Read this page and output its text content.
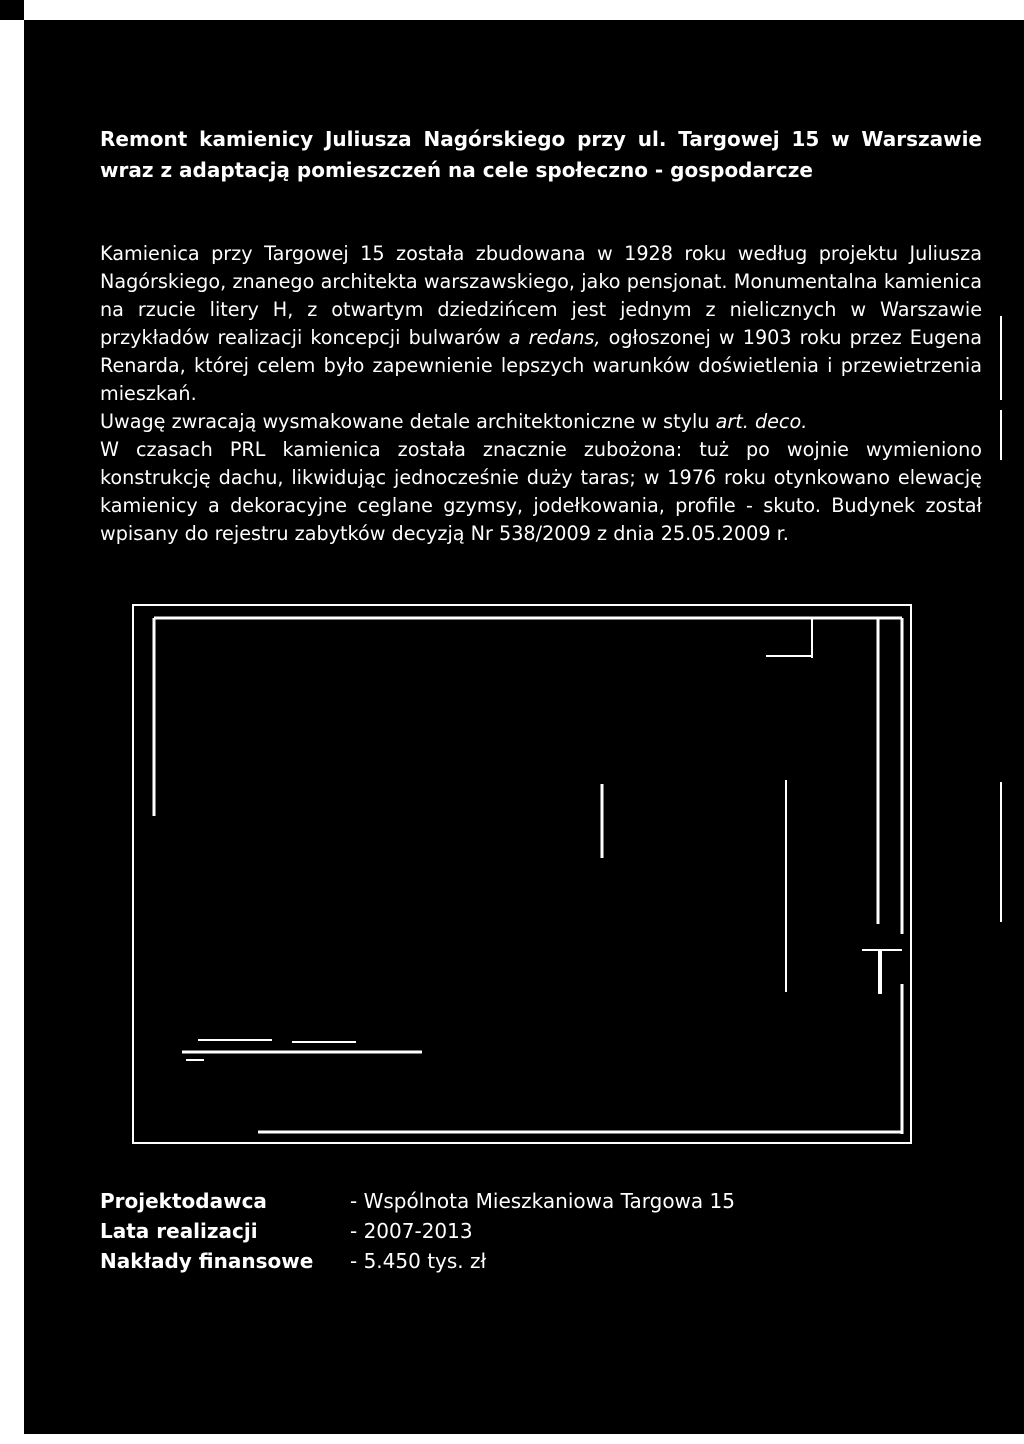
Remont kamienicy Juliusza Nagórskiego przy ul. Targowej 15 w Warszawie wraz z adaptacją pomieszczeń na cele społeczno - gospodarcze

Kamienica przy Targowej 15 została zbudowana w 1928 roku według projektu Juliusza Nagórskiego, znanego architekta warszawskiego, jako pensjonat. Monumentalna kamienica na rzucie litery H, z otwartym dziedzińcem jest jednym z nielicznych w Warszawie przykładów realizacji koncepcji bulwarów a redans, ogłoszonej w 1903 roku przez Eugena Renarda, której celem było zapewnienie lepszych warunków doświetlenia i przewietrzenia mieszkań.

Uwagę zwracają wysmakowane detale architektoniczne w stylu art. deco.

W czasach PRL kamienica została znacznie zubożona: tuż po wojnie wymieniono konstrukcję dachu, likwidując jednocześnie duży taras; w 1976 roku otynkowano elewację kamienicy a dekoracyjne ceglane gzymsy, jodełkowania, profile - skuto. Budynek został wpisany do rejestru zabytków decyzją Nr 538/2009 z dnia 25.05.2009 r.

Projektodawca	- Wspólnota Mieszkaniowa Targowa 15
Lata realizacji	- 2007-2013
Nakłady finansowe	- 5.450 tys. zł
